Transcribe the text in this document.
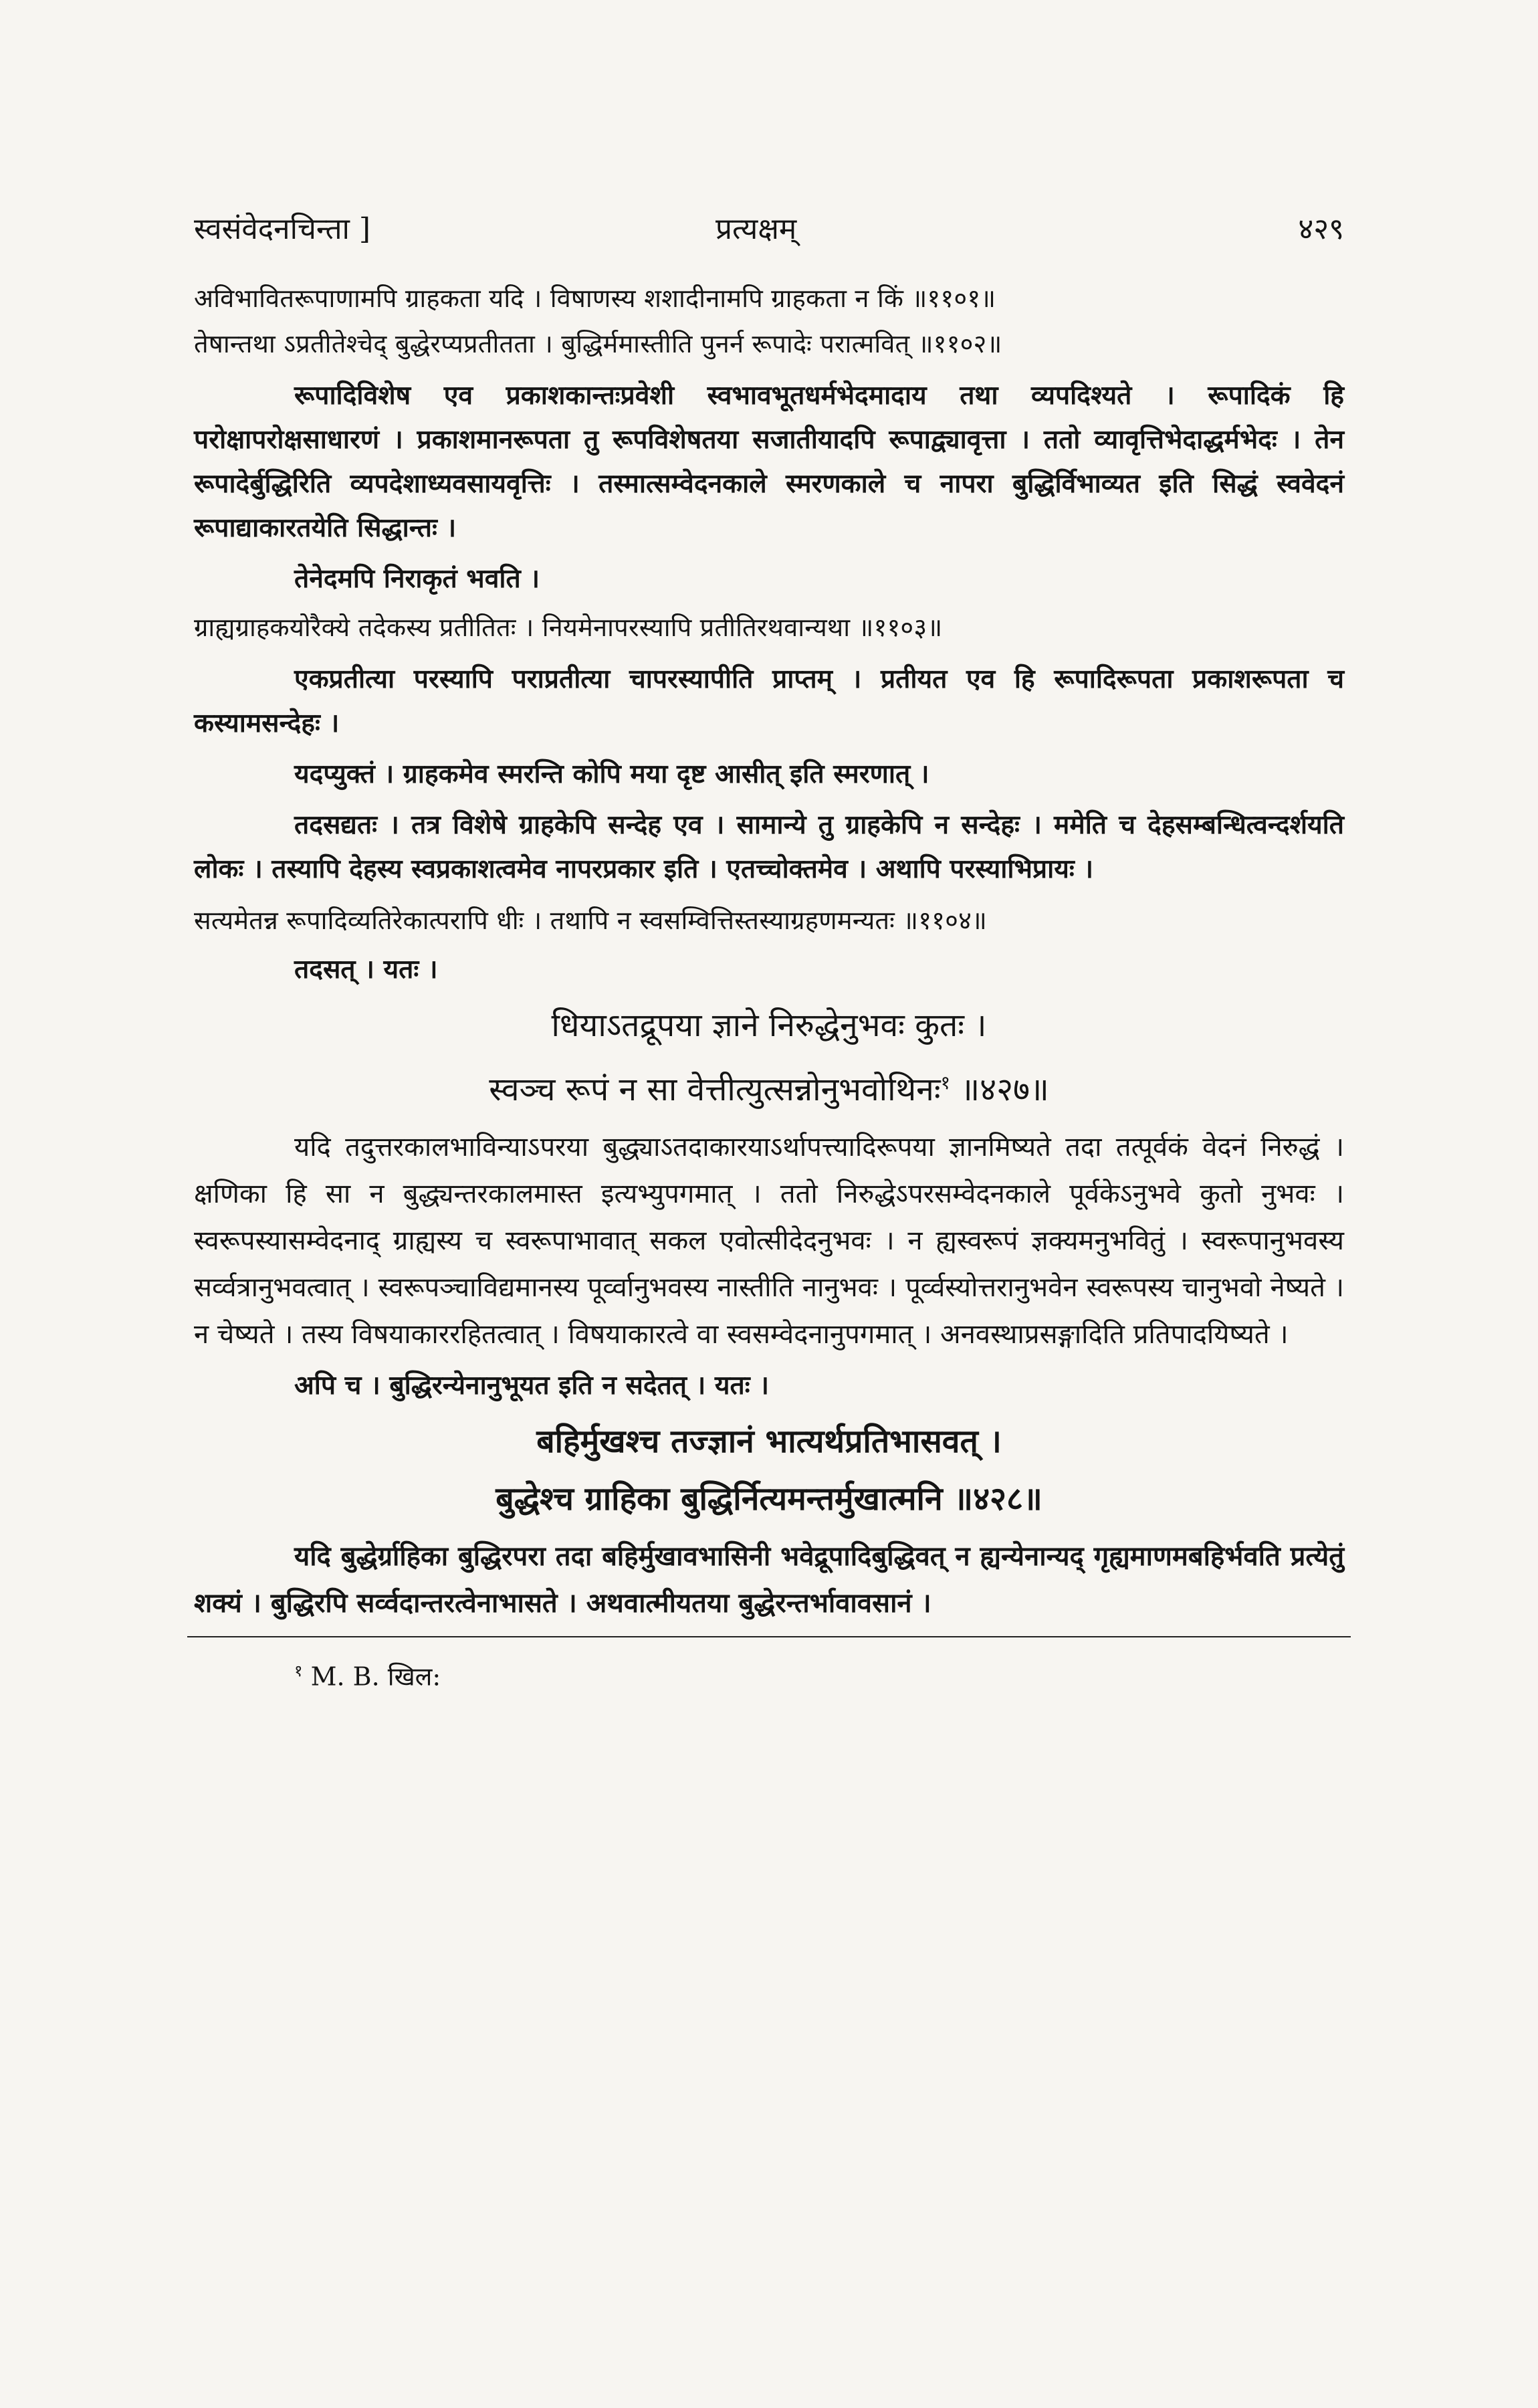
स्वसंवेदनचिन्ता ]	प्रत्यक्षम्	४२९
अविभावितरूपाणामपि ग्राहकता यदि । विषाणस्य शशादीनामपि ग्राहकता न किं ॥११०१॥
तेषान्तथा ऽप्रतीतेश्चेद् बुद्धेरप्यप्रतीतता । बुद्धिर्ममास्तीति पुनर्न रूपादेः परात्मवित् ॥११०२॥
रूपादिविशेष एव प्रकाशकान्तःप्रवेशी स्वभावभूतधर्मभेदमादाय तथा व्यपदिश्यते । रूपादिकं हि परोक्षापरोक्षसाधारणं । प्रकाशमानरूपता तु रूपविशेषतया सजातीयादपि रूपाद्व्यावृत्ता । ततो व्यावृत्तिभेदाद्धर्मभेदः । तेन रूपादेर्बुद्धिरिति व्यपदेशाध्यवसायवृत्तिः । तस्मात्सम्वेदनकाले स्मरणकाले च नापरा बुद्धिर्विभाव्यत इति सिद्धं स्ववेदनं रूपाद्याकारतयेति सिद्धान्तः ।
तेनेदमपि निराकृतं भवति ।
ग्राह्यग्राहकयोरैक्ये तदेकस्य प्रतीतितः । नियमेनापरस्यापि प्रतीतिरथवान्यथा ॥११०३॥
एकप्रतीत्या परस्यापि पराप्रतीत्या चापरस्यापीति प्राप्तम् । प्रतीयत एव हि रूपादिरूपता प्रकाशरूपता च कस्यामसन्देहः ।
यदप्युक्तं । ग्राहकमेव स्मरन्ति कोपि मया दृष्ट आसीत् इति स्मरणात् ।
तदसद्यतः । तत्र विशेषे ग्राहकेपि सन्देह एव । सामान्ये तु ग्राहकेपि न सन्देहः । ममेति च देहसम्बन्धित्वन्दर्शयति लोकः । तस्यापि देहस्य स्वप्रकाशत्वमेव नापरप्रकार इति । एतच्चोक्तमेव । अथापि परस्याभिप्रायः ।
सत्यमेतन्न रूपादिव्यतिरेकात्परापि धीः । तथापि न स्वसम्वित्तिस्तस्याग्रहणमन्यतः ॥११०४॥
तदसत् । यतः ।
धियाऽतद्रूपया ज्ञाने निरुद्धेनुभवः कुतः ।
स्वञ्च रूपं न सा वेत्तीत्युत्सन्नोनुभवोथिनः$^१$ ॥४२७॥
यदि तदुत्तरकालभाविन्याऽपरया बुद्ध्याऽतदाकारयाऽर्थापत्त्यादिरूपया ज्ञानमिष्यते तदा तत्पूर्वकं वेदनं निरुद्धं । क्षणिका हि सा न बुद्ध्यन्तरकालमास्त इत्यभ्युपगमात् । ततो निरुद्धेऽपरसम्वेदनकाले पूर्वकेऽनुभवे कुतो नुभवः । स्वरूपस्यासम्वेदनाद् ग्राह्यस्य च स्वरूपाभावात् सकल एवोत्सीदेदनुभवः । न ह्यस्वरूपं ज्ञक्यमनुभवितुं । स्वरूपानुभवस्य सर्व्वत्रानुभवत्वात् । स्वरूपञ्चाविद्यमानस्य पूर्व्वानुभवस्य नास्तीति नानुभवः । पूर्व्वस्योत्तरानुभवेन स्वरूपस्य चानुभवो नेष्यते । न चेष्यते । तस्य विषयाकाररहितत्वात् । विषयाकारत्वे वा स्वसम्वेदनानुपगमात् । अनवस्थाप्रसङ्गादिति प्रतिपादयिष्यते ।
अपि च । बुद्धिरन्येनानुभूयत इति न सदेतत् । यतः ।
बहिर्मुखश्च तज्ज्ञानं भात्यर्थप्रतिभासवत् ।
बुद्धेश्च ग्राहिका बुद्धिर्नित्यमन्तर्मुखात्मनि ॥४२८॥
यदि बुद्धेर्ग्राहिका बुद्धिरपरा तदा बहिर्मुखावभासिनी भवेद्रूपादिबुद्धिवत् न ह्यन्येनान्यद् गृह्यमाणमबहिर्भवति प्रत्येतुं शक्यं । बुद्धिरपि सर्व्वदान्तरत्वेनाभासते । अथवात्मीयतया बुद्धेरन्तर्भावावसानं ।
$^१$ M. B. खिल:
